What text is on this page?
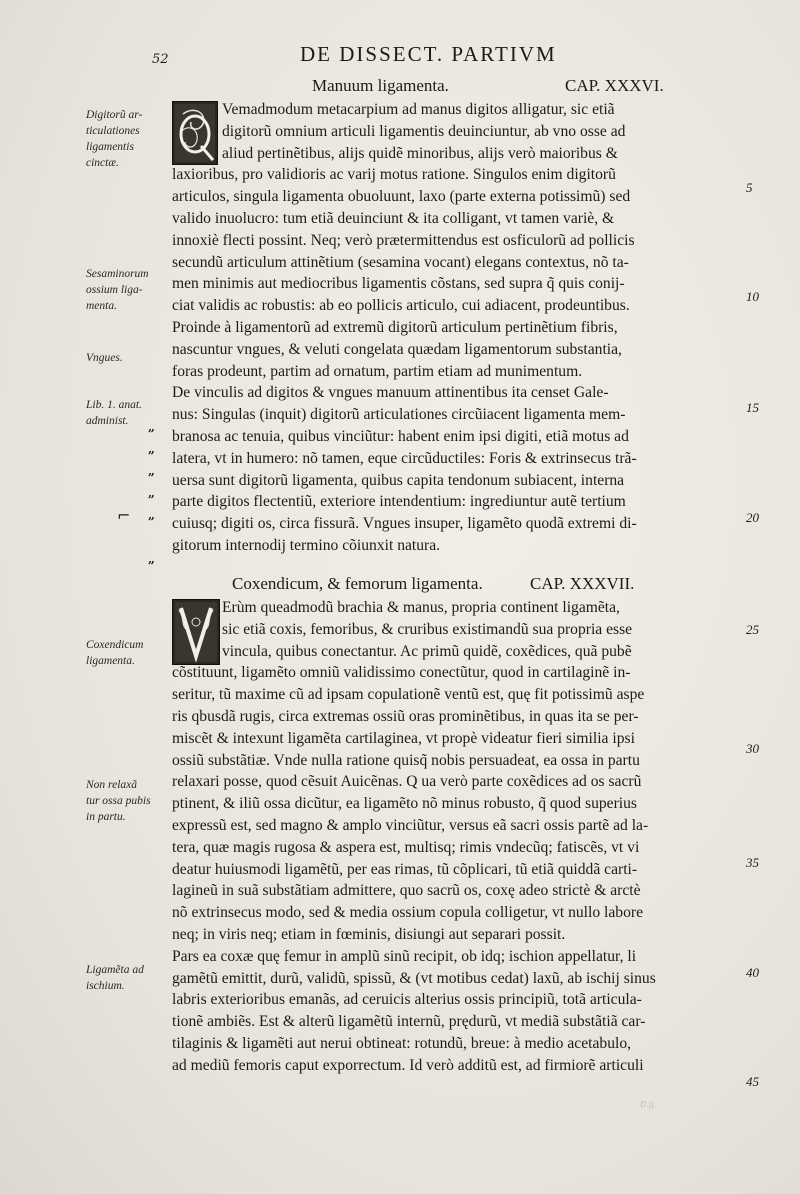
52	DE DISSECT. PARTIVM
Manuum ligamenta.	CAP. XXXVI.
Vemadmodum metacarpium ad manus digitos alligatur, sic etiã
digitorũ omnium articuli ligamentis deuinciuntur, ab vno osse ad
aliud pertinẽtibus, alijs quidẽ minoribus, alijs verò maioribus &
laxioribus, pro validioris ac varij motus ratione. Singulos enim digitorũ
articulos, singula ligamenta obuoluunt, laxo (parte externa potissimũ) sed
valido inuolucro: tum etiã deuinciunt & ita colligant, vt tamen variè, &
innoxiè flecti possint. Neq; verò prætermittendus est osficulorũ ad pollicis
secundũ articulum attinẽtium (sesamina vocant) elegans contextus, nõ ta-
men minimis aut mediocribus ligamentis cõstans, sed supra q̃ quis conij-
ciat validis ac robustis: ab eo pollicis articulo, cui adiacent, prodeuntibus.
Proinde à ligamentorũ ad extremũ digitorũ articulum pertinẽtium fibris,
nascuntur vngues, & veluti congelata quædam ligamentorum substantia,
foras prodeunt, partim ad ornatum, partim etiam ad munimentum.
De vinculis ad digitos & vngues manuum attinentibus ita censet Gale-
nus: Singulas (inquit) digitorũ articulationes circũiacent ligamenta mem-
branosa ac tenuia, quibus vinciũtur: habent enim ipsi digiti, etiã motus ad
latera, vt in humero: nõ tamen, eque circũductiles: Foris & extrinsecus trã-
uersa sunt digitorũ ligamenta, quibus capita tendonum subiacent, interna
parte digitos flectentiũ, exteriore intendentium: ingrediuntur autẽ tertium
cuiusq; digiti os, circa fissurã. Vngues insuper, ligamẽto quodã extremi di-
gitorum internodij termino cõiunxit natura.
Coxendicum, & femorum ligamenta.	CAP. XXXVII.
Erùm queadmodũ brachia & manus, propria continent ligamẽta,
sic etiã coxis, femoribus, & cruribus existimandũ sua propria esse
vincula, quibus conectantur. Ac primũ quidẽ, coxẽdices, quã pubẽ
cõstituunt, ligamẽto omniũ validissimo conectũtur, quod in cartilaginẽ in-
seritur, tũ maxime cũ ad ipsam copulationẽ ventũ est, quę fit potissimũ aspe
ris qbusdã rugis, circa extremas ossiũ oras prominẽtibus, in quas ita se per-
miscẽt & intexunt ligamẽta cartilaginea, vt propè videatur fieri similia ipsi
ossiũ substãtiæ. Vnde nulla ratione quisq̃ nobis persuadeat, ea ossa in partu
relaxari posse, quod cẽsuit Auicẽnas. Q ua verò parte coxẽdices ad os sacrũ
ptinent, & iliũ ossa dicũtur, ea ligamẽto nõ minus robusto, q̃ quod superius
expressũ est, sed magno & amplo vinciũtur, versus eã sacri ossis partẽ ad la-
tera, quæ magis rugosa & aspera est, multisq; rimis vndecũq; fatiscẽs, vt vi
deatur huiusmodi ligamẽtũ, per eas rimas, tũ cõplicari, tũ etiã quiddã carti-
lagineũ in suã substãtiam admittere, quo sacrũ os, coxę adeo strictè & arctè
nõ extrinsecus modo, sed & media ossium copula colligetur, vt nullo labore
neq; in viris neq; etiam in fœminis, disiungi aut separari possit.
Pars ea coxæ quę femur in amplũ sinũ recipit, ob idq; ischion appellatur, li
gamẽtũ emittit, durũ, validũ, spissũ, & (vt motibus cedat) laxũ, ab ischij sinus
labris exterioribus emanãs, ad ceruicis alterius ossis principiũ, totã articula-
tionẽ ambiẽs. Est & alterũ ligamẽtũ internũ, prędurũ, vt mediã substãtiã car-
tilaginis & ligamẽti aut nerui obtineat: rotundũ, breue: à medio acetabulo,
ad mediũ femoris caput exporrectum. Id verò additũ est, ad firmiorẽ articuli
Digitorũ ar-
ticulationes
ligamentis
cinctæ.
Sesaminorum
ossium liga-
menta.
Vngues.
Lib. 1. anat.
administ.
Coxendicum
ligamenta.
Non relaxã
tur ossa pubis
in partu.
Ligamẽta ad
ischium.
„
„
„
„
„
„
⌐
5
10
15
20
25
30
35
40
45
D.ij.
